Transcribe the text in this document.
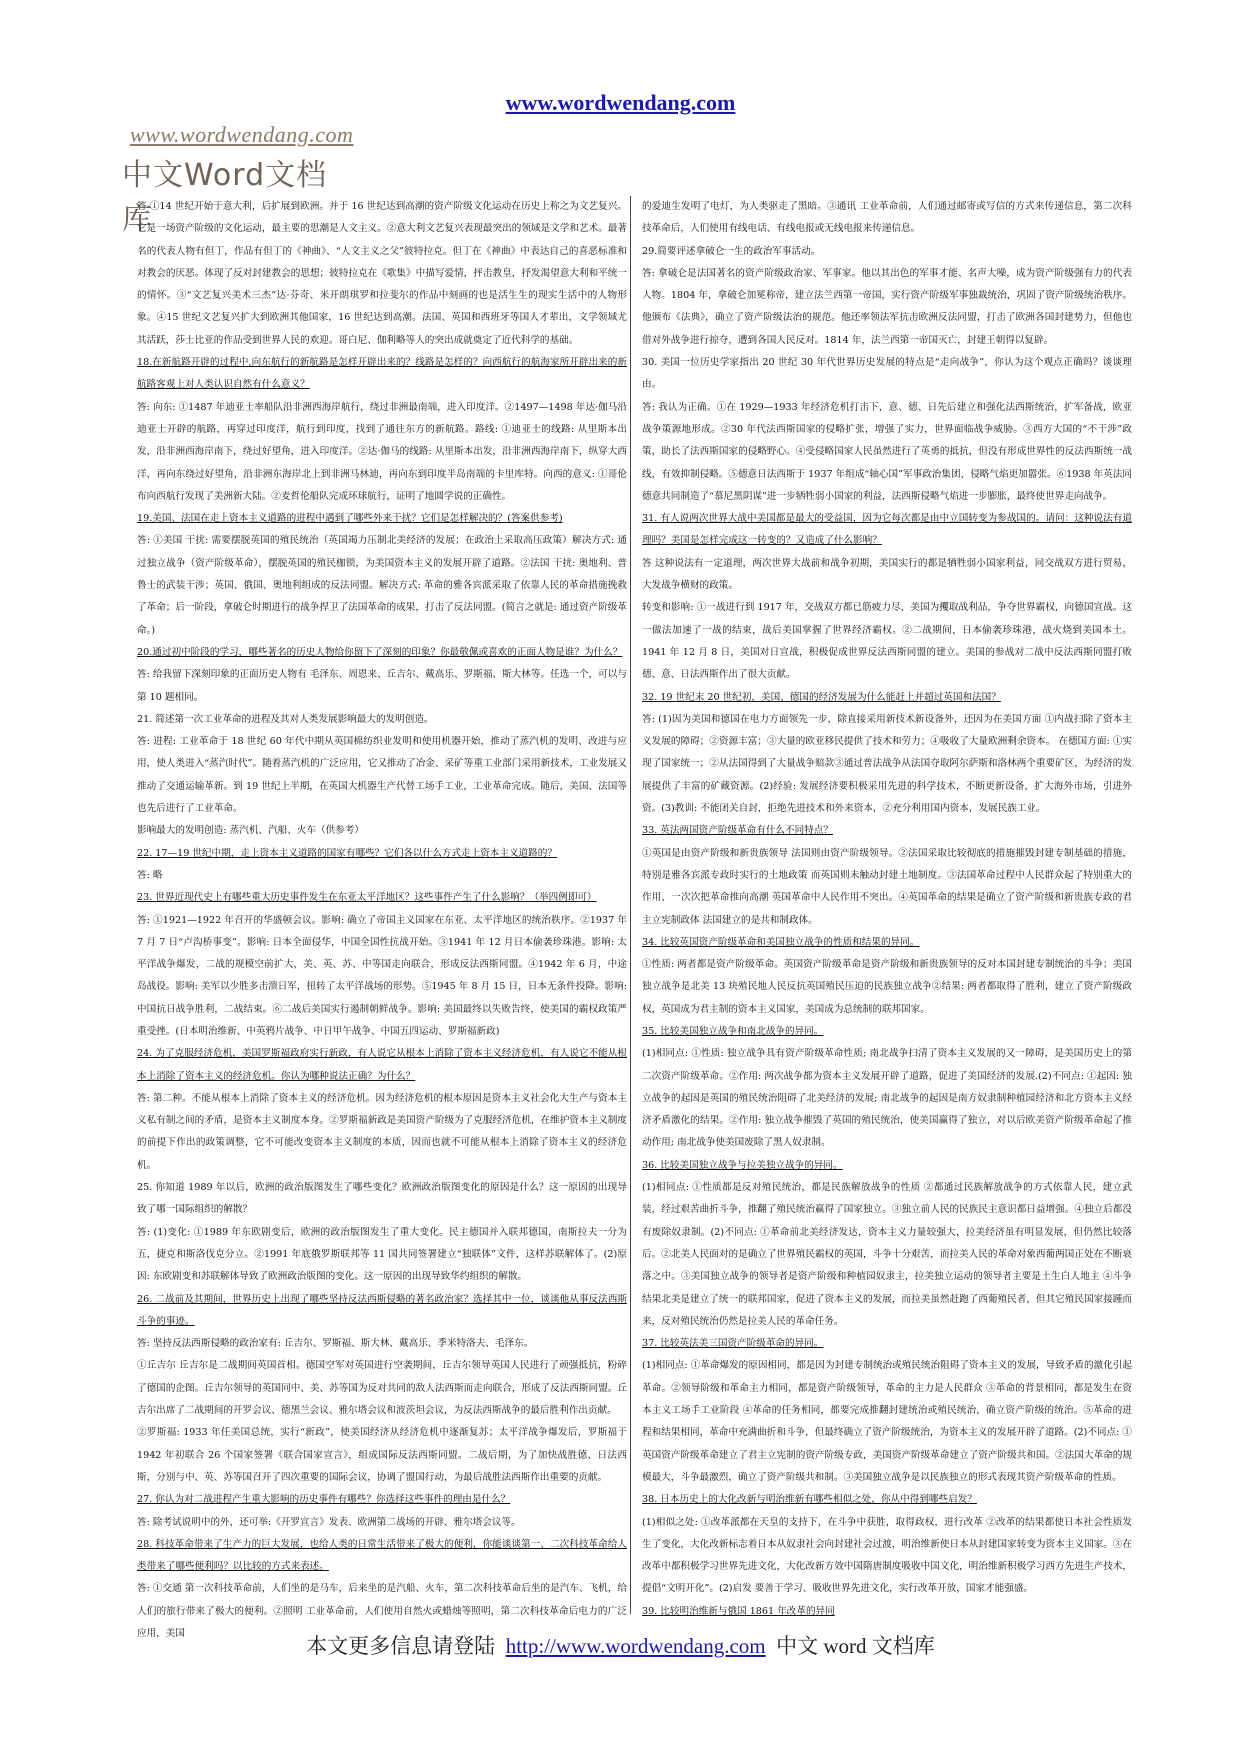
www.wordwendang.com
www.wordwendang.com
中文Word文档库

答 ①14 世纪开始于意大利，后扩展到欧洲。并于 16 世纪达到高潮的资产阶级文化运动在历史上称之为文艺复兴。它是一场资产阶级的文化运动，最主要的思潮是人文主义。②意大利文艺复兴表现最突出的领域是文学和艺术。最著名的代表人物有但丁，作品有但丁的《神曲》、“人文主义之父”彼特拉克。但丁在《神曲》中表达自己的喜恶标准和对教会的厌恶。体现了反对封建教会的思想；彼特拉克在《歌集》中描写爱情，抨击教皇，抒发渴望意大利和平统一的情怀。③“文艺复兴美术三杰”达·芬奇、米开朗琪罗和拉斐尔的作品中刻画的也是活生生的现实生活中的人物形象。④15 世纪文艺复兴扩大到欧洲其他国家，16 世纪达到高潮。法国、英国和西班牙等国人才辈出，文学领域尤其活跃，莎士比亚的作品受到世界人民的欢迎。哥白尼、伽利略等人的突出成就奠定了近代科学的基础。

18.在新航路开辟的过程中,向东航行的新航路是怎样开辟出来的？线路是怎样的？向西航行的航海家所开辟出来的新航路客观上对人类认识自然有什么意义？

答: 向东: ①1487 年迪亚士率船队沿非洲西海岸航行，绕过非洲最南端，进入印度洋。②1497—1498 年达·伽马沿迪亚士开辟的航路，再穿过印度洋，航行到印度，找到了通往东方的新航路。路线: ①迪亚士的线路: 从里斯本出发，沿非洲西海岸南下，绕过好望角，进入印度洋。②达·伽马的线路: 从里斯本出发，沿非洲西海岸南下，纵穿大西洋，再向东绕过好望角，沿非洲东海岸北上到非洲马林迪，再向东到印度半岛南端的卡里库特。向西的意义: ①哥伦布向西航行发现了美洲新大陆。②麦哲伦船队完成环球航行，证明了地圆学说的正确性。

19.美国、法国在走上资本主义道路的进程中遇到了哪些外来干扰？它们是怎样解决的？(答案供参考)

答: ①美国 干扰: 需要摆脱英国的殖民统治（英国竭力压制北美经济的发展；在政治上采取高压政策）解决方式: 通过独立战争（资产阶级革命），摆脱英国的殖民枷锁，为美国资本主义的发展开辟了道路。②法国 干扰: 奥地利、普鲁士的武装干涉；英国、俄国、奥地利组成的反法同盟。解决方式: 革命的雅各宾派采取了依靠人民的革命措施挽救了革命；后一阶段，拿破仑时期进行的战争捍卫了法国革命的成果，打击了反法同盟。(简言之就是: 通过资产阶级革命。)

20.通过初中阶段的学习，哪些著名的历史人物给你留下了深刻的印象？你最敬佩或喜欢的正面人物是谁？为什么？

答: 给我留下深刻印象的正面历史人物有 毛泽东、周恩来、丘吉尔、戴高乐、罗斯福、斯大林等。任选一个，可以与第 10 题相同。

21. 简述第一次工业革命的进程及其对人类发展影响最大的发明创造。

答: 进程: 工业革命于 18 世纪 60 年代中期从英国棉纺织业发明和使用机器开始，推动了蒸汽机的发明、改进与应用，使人类进入“蒸汽时代”。随着蒸汽机的广泛应用，它又推动了冶金、采矿等重工业部门采用新技术，工业发展又推动了交通运输革新。到 19 世纪上半期，在英国大机器生产代替工场手工业，工业革命完成。随后，美国、法国等也先后进行了工业革命。

影响最大的发明创造: 蒸汽机、汽船、火车（供参考）

22. 17—19 世纪中期，走上资本主义道路的国家有哪些？它们各以什么方式走上资本主义道路的？

答: 略

23. 世界近现代史上有哪些重大历史事件发生在东亚太平洋地区？这些事件产生了什么影响？（举四例即可）

答: ①1921—1922 年召开的华盛顿会议。影响: 确立了帝国主义国家在东亚、太平洋地区的统治秩序。②1937 年 7 月 7 日“卢沟桥事变”。影响: 日本全面侵华，中国全国性抗战开始。③1941 年 12 月日本偷袭珍珠港。影响: 太平洋战争爆发，二战的规模空前扩大，美、英、苏、中等国走向联合，形成反法西斯同盟。④1942 年 6 月，中途岛战役。影响: 美军以少胜多击溃日军，扭转了太平洋战场的形势。⑤1945 年 8 月 15 日，日本无条件投降。影响: 中国抗日战争胜利，二战结束。⑥二战后美国实行遏制朝鲜战争。影响: 美国最终以失败告终，使美国的霸权政策严重受挫。(日本明治维新、中英鸦片战争、中日甲午战争、中国五四运动、罗斯福新政)

24. 为了克服经济危机，美国罗斯福政府实行新政，有人说它从根本上消除了资本主义经济危机，有人说它不能从根本上消除了资本主义的经济危机。你认为哪种说法正确？为什么？

答: 第二种。不能从根本上消除了资本主义的经济危机。因为经济危机的根本原因是资本主义社会化大生产与资本主义私有制之间的矛盾，是资本主义制度本身。②罗斯福新政是美国资产阶级为了克服经济危机，在维护资本主义制度的前提下作出的政策调整，它不可能改变资本主义制度的本质，因而也就不可能从根本上消除了资本主义的经济危机。

25. 你知道 1989 年以后，欧洲的政治版图发生了哪些变化？欧洲政治版图变化的原因是什么？这一原因的出现导致了哪一国际组织的解散？

答: (1)变化: ①1989 年东欧剧变后，欧洲的政治版图发生了重大变化。民主德国并入联邦德国，南斯拉夫一分为五，捷克和斯洛伐克分立。②1991 年底俄罗斯联邦等 11 国共同签署建立“独联体”文件，这样苏联解体了。(2)原因: 东欧剧变和苏联解体导致了欧洲政治版图的变化。这一原因的出现导致华约组织的解散。

26. 二战前及其期间，世界历史上出现了哪些坚持反法西斯侵略的著名政治家？选择其中一位，谈谈他从事反法西斯斗争的事迹。

答: 坚持反法西斯侵略的政治家有: 丘吉尔、罗斯福、斯大林、戴高乐、季米特洛夫、毛泽东。

①丘吉尔 丘吉尔是二战期间英国首相。德国空军对英国进行空袭期间，丘吉尔领导英国人民进行了顽强抵抗，粉碎了德国的企图。丘吉尔领导的英国同中、美、苏等国为反对共同的敌人法西斯而走向联合，形成了反法西斯同盟。丘吉尔出席了二战期间的开罗会议、德黑兰会议、雅尔塔会议和波茨坦会议，为反法西斯战争的最后胜利作出贡献。

②罗斯福: 1933 年任美国总统，实行“新政”，使美国经济从经济危机中逐渐复苏；太平洋战争爆发后，罗斯福于 1942 年初联合 26 个国家签署《联合国家宣言》，组成国际反法西斯同盟。二战后期，为了加快战胜德、日法西斯，分别与中、英、苏等国召开了四次重要的国际会议，协调了盟国行动，为最后战胜法西斯作出重要的贡献。

27. 你认为对二战进程产生重大影响的历史事件有哪些？你选择这些事件的理由是什么？

答: 除考试说明中的外，还可举:《开罗宣言》发表、欧洲第二战场的开辟、雅尔塔会议等。

28. 科技革命带来了生产力的巨大发展，也给人类的日常生活带来了极大的便利，你能谈谈第一、二次科技革命给人类带来了哪些便利吗？以比较的方式来表述。

答: ①交通 第一次科技革命前，人们坐的是马车，后来坐的是汽船、火车，第二次科技革命后坐的是汽车、飞机，给人们的旅行带来了极大的便利。②照明 工业革命前，人们使用自然火或蜡烛等照明，第二次科技革命后电力的广泛应用，美国

的爱迪生发明了电灯，为人类驱走了黑暗。③通讯 工业革命前，人们通过邮寄或写信的方式来传递信息，第二次科技革命后，人们使用有线电话、有线电报或无线电报来传递信息。

29.简要评述拿破仑一生的政治军事活动。

答: 拿破仑是法国著名的资产阶级政治家、军事家。他以其出色的军事才能、名声大噪，成为资产阶级强有力的代表人物。1804 年，拿破仑加冕称帝，建立法兰西第一帝国，实行资产阶级军事独裁统治，巩固了资产阶级统治秩序。他颁布《法典》，确立了资产阶级法治的规范。他还率领法军抗击欧洲反法同盟，打击了欧洲各国封建势力，但他也借对外战争进行掠夺，遭到各国人民反对。1814 年，法兰西第一帝国灭亡，封建王朝得以复辟。

30. 美国一位历史学家指出 20 世纪 30 年代世界历史发展的特点是“走向战争”，你认为这个观点正确吗？谈谈理由。

答: 我认为正确。①在 1929—1933 年经济危机打击下，意、德、日先后建立和强化法西斯统治，扩军备战，欧亚战争策源地形成。②30 年代法西斯国家的侵略扩张，增强了实力，世界面临战争威胁。③西方大国的“不干涉”政策，助长了法西斯国家的侵略野心。④受侵略国家人民虽然进行了英勇的抵抗，但没有形成世界性的反法西斯统一战线，有效抑制侵略。⑤德意日法西斯于 1937 年组成“轴心国”军事政治集团，侵略气焰更加嚣张。⑥1938 年英法同德意共同制造了“慕尼黑阴谋”进一步牺牲弱小国家的利益，法西斯侵略气焰进一步膨胀，最终使世界走向战争。

31. 有人说两次世界大战中美国都是最大的受益国，因为它每次都是由中立国转变为参战国的。请问：这种说法有道理吗？美国是怎样完成这一转变的？又造成了什么影响？

答 这种说法有一定道理，两次世界大战前和战争初期，美国实行的都是牺牲弱小国家利益，同交战双方进行贸易，大发战争横财的政策。

转变和影响: ①一战进行到 1917 年，交战双方都已筋疲力尽，美国为攫取战利品，争夺世界霸权，向德国宣战。这一做法加速了一战的结束，战后美国掌握了世界经济霸权。②二战期间，日本偷袭珍珠港，战火烧到美国本土。1941 年 12 月 8 日，美国对日宣战，积极促成世界反法西斯同盟的建立。美国的参战对二战中反法西斯同盟打败德、意、日法西斯作出了很大贡献。

32. 19 世纪末 20 世纪初，美国、德国的经济发展为什么能赶上并超过英国和法国？

答: (1)因为美国和德国在电力方面领先一步，除直接采用新技术新设备外，还因为在美国方面 ①内战扫除了资本主义发展的障碍；②资源丰富；③大量的欧亚移民提供了技术和劳力；④吸收了大量欧洲剩余资本。 在德国方面: ①实现了国家统一；②从法国得到了大量战争赔款③通过普法战争从法国夺取阿尔萨斯和洛林两个重要矿区，为经济的发展提供了丰富的矿藏资源。(2)经验: 发展经济要积极采用先进的科学技术，不断更新设备，扩大海外市场，引进外资。(3)教训: 不能闭关自封，拒绝先进技术和外来资本，②充分利用国内资本，发展民族工业。

33. 英法两国资产阶级革命有什么不同特点？

①英国是由资产阶级和新贵族领导 法国则由资产阶级领导。②法国采取比较彻底的措施摧毁封建专制基础的措施，特别是雅各宾派专政时实行的土地政策 而英国则未触动封建土地制度。③法国革命过程中人民群众起了特别重大的作用，一次次把革命推向高潮 英国革命中人民作用不突出。④英国革命的结果是确立了资产阶级和新贵族专政的君主立宪制政体 法国建立的是共和制政体。

34. 比较英国资产阶级革命和美国独立战争的性质和结果的异同。

①性质: 两者都是资产阶级革命。英国资产阶级革命是资产阶级和新贵族领导的反对本国封建专制统治的斗争；美国独立战争是北美 13 块殖民地人民反抗英国殖民压迫的民族独立战争②结果: 两者都取得了胜利，建立了资产阶级政权，英国成为君主制的资本主义国家，美国成为总统制的联邦国家。

35. 比较美国独立战争和南北战争的异同。

(1)相同点: ①性质: 独立战争具有资产阶级革命性质; 南北战争扫清了资本主义发展的又一障碍，是美国历史上的第二次资产阶级革命。②作用: 两次战争都为资本主义发展开辟了道路，促进了美国经济的发展.(2)不同点: ①起因: 独立战争的起因是英国的殖民统治阻碍了北美经济的发展; 南北战争的起因是南方奴隶制种植园经济和北方资本主义经济矛盾激化的结果。②作用: 独立战争摧毁了英国的殖民统治，使美国赢得了独立，对以后欧美资产阶级革命起了推动作用; 南北战争使美国废除了黑人奴隶制。

36. 比较美国独立战争与拉美独立战争的异同。

(1)相同点: ①性质都是反对殖民统治，都是民族解放战争的性质 ②都通过民族解放战争的方式依靠人民，建立武装，经过艰苦曲折斗争，推翻了殖民统治赢得了国家独立。③独立前人民的民族民主意识都日益增强。④独立后都没有废除奴隶制。(2)不同点: ①革命前北美经济发达，资本主义力量较强大，拉美经济虽有明显发展，但仍然比较落后。②北美人民面对的是确立了世界殖民霸权的英国，斗争十分艰苦，而拉美人民的革命对象西葡两国正处在不断衰落之中。③美国独立战争的领导者是资产阶级和种植园奴隶主，拉美独立运动的领导者主要是土生白人地主 ④斗争结果北美是建立了统一的联邦国家，促进了资本主义的发展，而拉美虽然赶跑了西葡殖民者，但其它殖民国家接踵而来，反对殖民统治仍然是拉美人民的革命任务。

37. 比较英法美三国资产阶级革命的异同。

(1)相同点: ①革命爆发的原因相同，都是因为封建专制统治或殖民统治阻碍了资本主义的发展，导致矛盾的激化引起革命。②领导阶级和革命主力相同，都是资产阶级领导，革命的主力是人民群众 ③革命的背景相同，都是发生在资本主义工场手工业阶段 ④革命的任务相同，都要完成推翻封建统治或殖民统治，确立资产阶级的统治。⑤革命的进程和结果相同，革命中充满曲折和斗争，但最终确立了资产阶级统治，为资本主义的发展开辟了道路。(2)不同点: ①英国资产阶级革命建立了君主立宪制的资产阶级专政，美国资产阶级革命建立了资产阶级共和国。②法国大革命的规模最大，斗争最激烈，确立了资产阶级共和制。③美国独立战争是以民族独立的形式表现其资产阶级革命的性质。

38. 日本历史上的大化改新与明治维新有哪些相似之处，你从中得到哪些启发？

(1)相似之处: ①改革派都在天皇的支持下，在斗争中获胜，取得政权，进行改革 ②改革的结果都使日本社会性质发生了变化，大化改新标志着日本从奴隶社会向封建社会过渡，明治维新使日本从封建国家转变为资本主义国家。③在改革中都积极学习世界先进文化，大化改新方效中国隋唐制度吸收中国文化，明治维新积极学习西方先进生产技术，提倡“文明开化”。(2)启发 要善于学习、吸收世界先进文化，实行改革开放，国家才能强盛。

39. 比较明治维新与俄国 1861 年改革的异同

本文更多信息请登陆 http://www.wordwendang.com 中文 word 文档库
